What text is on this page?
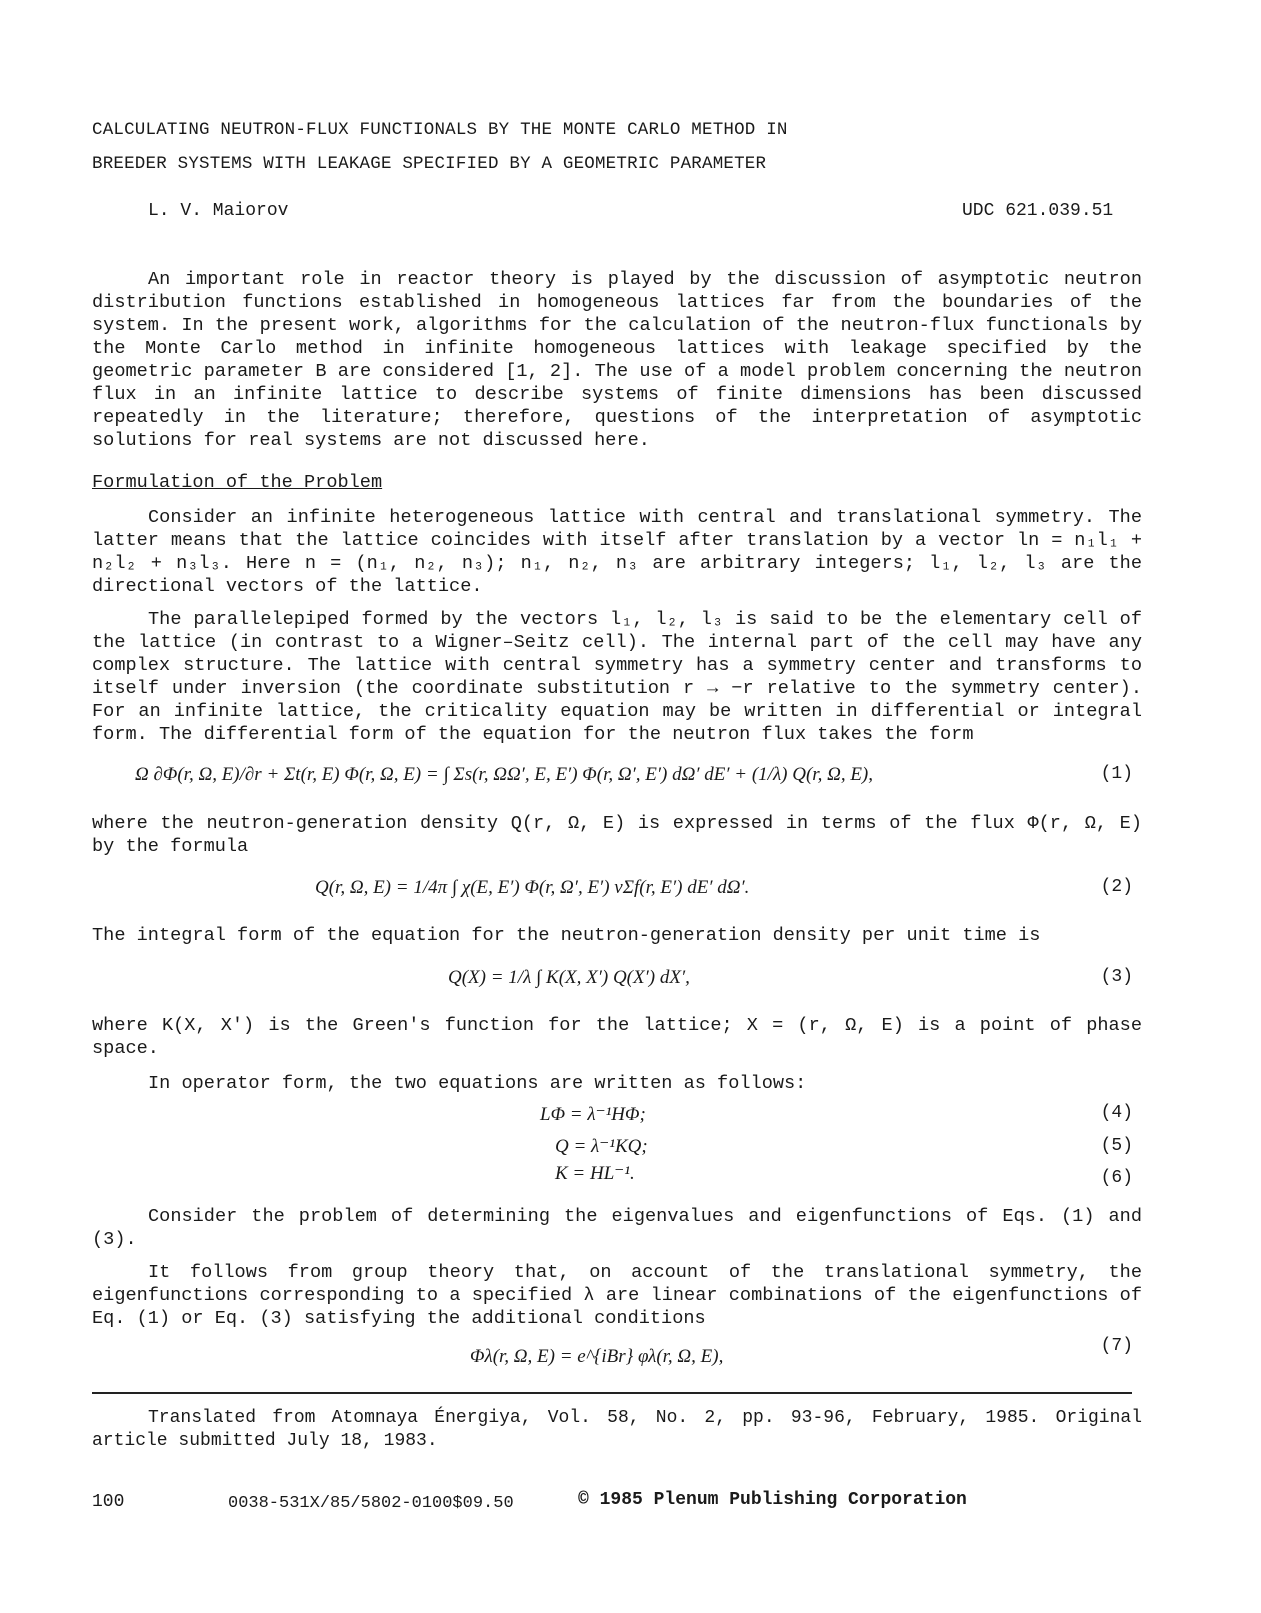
CALCULATING NEUTRON-FLUX FUNCTIONALS BY THE MONTE CARLO METHOD IN
BREEDER SYSTEMS WITH LEAKAGE SPECIFIED BY A GEOMETRIC PARAMETER
L. V. Maiorov	UDC 621.039.51
An important role in reactor theory is played by the discussion of asymptotic neutron distribution functions established in homogeneous lattices far from the boundaries of the system. In the present work, algorithms for the calculation of the neutron-flux functionals by the Monte Carlo method in infinite homogeneous lattices with leakage specified by the geometric parameter B are considered [1, 2]. The use of a model problem concerning the neutron flux in an infinite lattice to describe systems of finite dimensions has been discussed repeatedly in the literature; therefore, questions of the interpretation of asymptotic solutions for real systems are not discussed here.
Formulation of the Problem
Consider an infinite heterogeneous lattice with central and translational symmetry. The latter means that the lattice coincides with itself after translation by a vector ln = n₁l₁ + n₂l₂ + n₃l₃. Here n = (n₁, n₂, n₃); n₁, n₂, n₃ are arbitrary integers; l₁, l₂, l₃ are the directional vectors of the lattice.
The parallelepiped formed by the vectors l₁, l₂, l₃ is said to be the elementary cell of the lattice (in contrast to a Wigner–Seitz cell). The internal part of the cell may have any complex structure. The lattice with central symmetry has a symmetry center and transforms to itself under inversion (the coordinate substitution r → −r relative to the symmetry center). For an infinite lattice, the criticality equation may be written in differential or integral form. The differential form of the equation for the neutron flux takes the form
Ω ∂Φ(r, Ω, E)/∂r + Σt(r, E) Φ(r, Ω, E) = ∫ Σs(r, ΩΩ′, E, E′) Φ(r, Ω′, E′) dΩ′ dE′ + (1/λ) Q(r, Ω, E),	(1)
where the neutron-generation density Q(r, Ω, E) is expressed in terms of the flux Φ(r, Ω, E) by the formula
Q(r, Ω, E) = 1/4π ∫ χ(E, E′) Φ(r, Ω′, E′) νΣf(r, E′) dE′ dΩ′.	(2)
The integral form of the equation for the neutron-generation density per unit time is
Q(X) = 1/λ ∫ K(X, X′) Q(X′) dX′,	(3)
where K(X, X') is the Green's function for the lattice; X = (r, Ω, E) is a point of phase space.
In operator form, the two equations are written as follows:
LΦ = λ⁻¹HΦ;	(4)
Q = λ⁻¹KQ;	(5)
K = HL⁻¹.	(6)
Consider the problem of determining the eigenvalues and eigenfunctions of Eqs. (1) and (3).
It follows from group theory that, on account of the translational symmetry, the eigenfunctions corresponding to a specified λ are linear combinations of the eigenfunctions of Eq. (1) or Eq. (3) satisfying the additional conditions
Φλ(r, Ω, E) = e^{iBr} φλ(r, Ω, E),	(7)
Translated from Atomnaya Énergiya, Vol. 58, No. 2, pp. 93-96, February, 1985. Original article submitted July 18, 1983.
100	0038-531X/85/5802-0100$09.50	© 1985 Plenum Publishing Corporation
